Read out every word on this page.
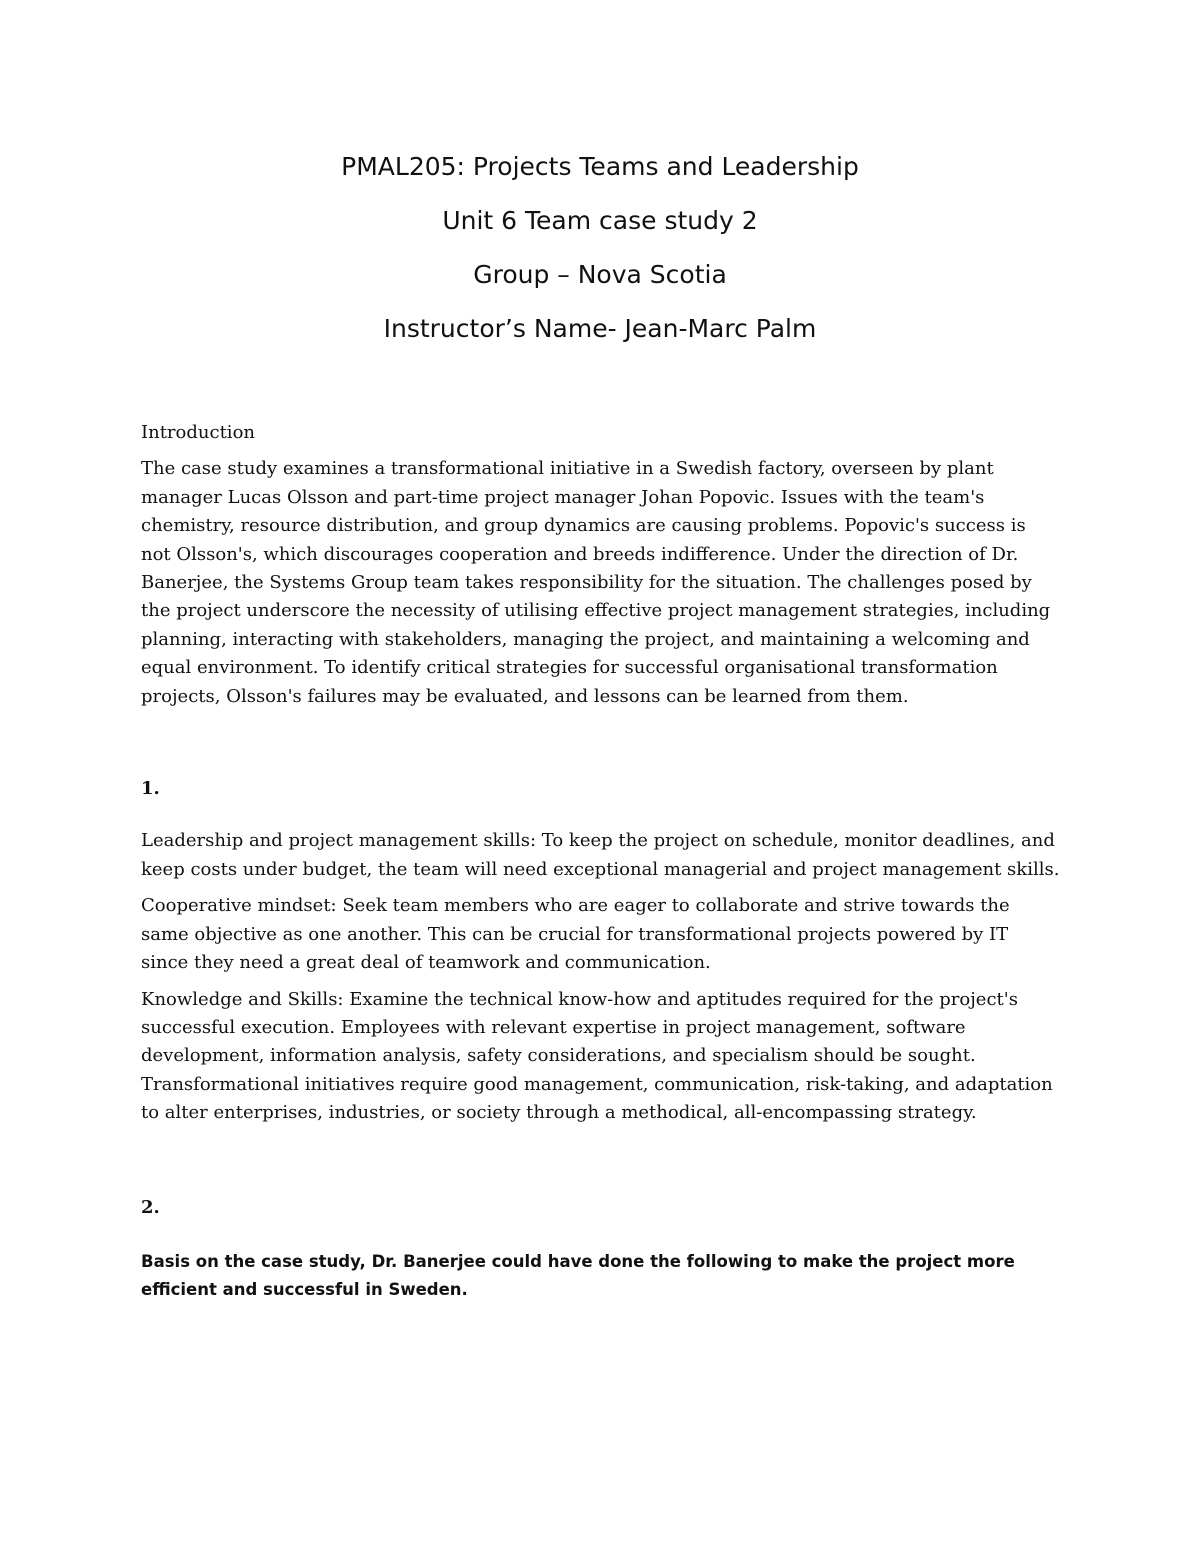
PMAL205: Projects Teams and Leadership
Unit 6 Team case study 2
Group – Nova Scotia
Instructor’s Name- Jean-Marc Palm

Introduction

The case study examines a transformational initiative in a Swedish factory, overseen by plant manager Lucas Olsson and part-time project manager Johan Popovic. Issues with the team's chemistry, resource distribution, and group dynamics are causing problems. Popovic's success is not Olsson's, which discourages cooperation and breeds indifference. Under the direction of Dr. Banerjee, the Systems Group team takes responsibility for the situation. The challenges posed by the project underscore the necessity of utilising effective project management strategies, including planning, interacting with stakeholders, managing the project, and maintaining a welcoming and equal environment. To identify critical strategies for successful organisational transformation projects, Olsson's failures may be evaluated, and lessons can be learned from them.

1.

Leadership and project management skills: To keep the project on schedule, monitor deadlines, and keep costs under budget, the team will need exceptional managerial and project management skills.

Cooperative mindset: Seek team members who are eager to collaborate and strive towards the same objective as one another. This can be crucial for transformational projects powered by IT since they need a great deal of teamwork and communication.

Knowledge and Skills: Examine the technical know-how and aptitudes required for the project's successful execution. Employees with relevant expertise in project management, software development, information analysis, safety considerations, and specialism should be sought. Transformational initiatives require good management, communication, risk-taking, and adaptation to alter enterprises, industries, or society through a methodical, all-encompassing strategy.

2.

Basis on the case study, Dr. Banerjee could have done the following to make the project more efficient and successful in Sweden.
